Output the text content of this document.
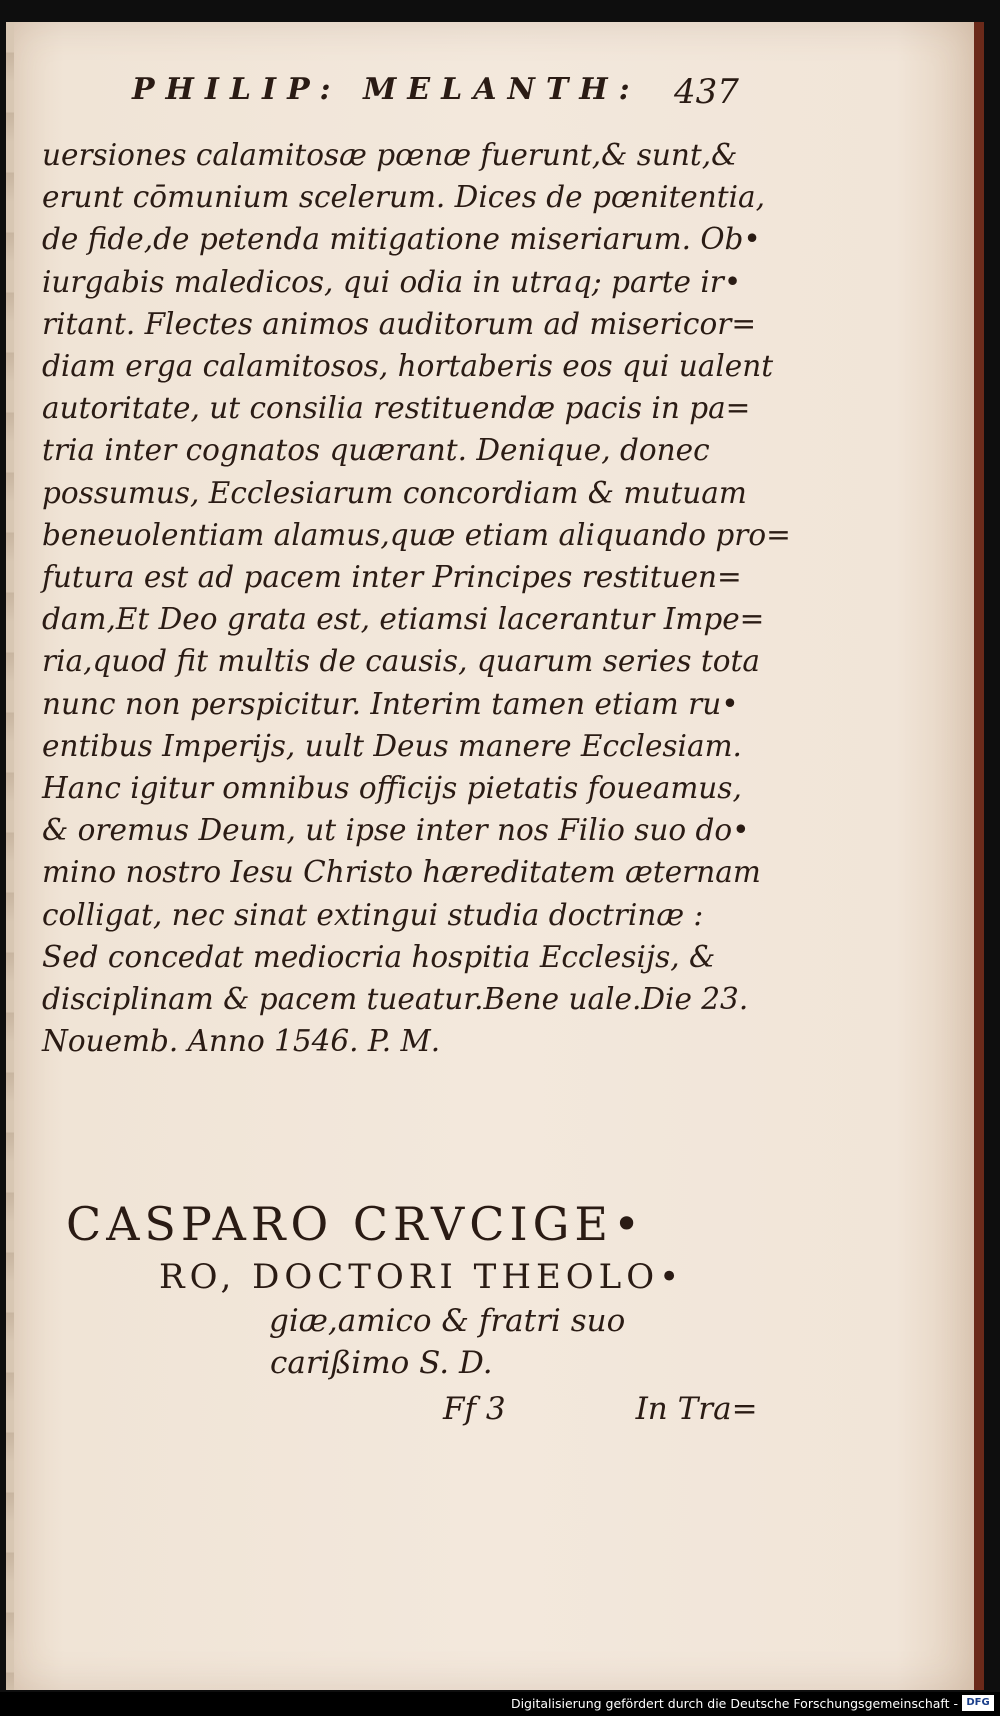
PHILIP: MELANTH: 437
uersiones calamitosæ pœnæ fuerunt,& sunt,&
erunt cōmunium scelerum. Dices de pœnitentia,
de fide,de petenda mitigatione miseriarum. Ob•
iurgabis maledicos, qui odia in utraq; parte ir•
ritant. Flectes animos auditorum ad misericor=
diam erga calamitosos, hortaberis eos qui ualent
autoritate, ut consilia restituendæ pacis in pa=
tria inter cognatos quærant. Denique, donec
possumus, Ecclesiarum concordiam & mutuam
beneuolentiam alamus,quæ etiam aliquando pro=
futura est ad pacem inter Principes restituen=
dam,Et Deo grata est, etiamsi lacerantur Impe=
ria,quod fit multis de causis, quarum series tota
nunc non perspicitur. Interim tamen etiam ru•
entibus Imperijs, uult Deus manere Ecclesiam.
Hanc igitur omnibus officijs pietatis foueamus,
& oremus Deum, ut ipse inter nos Filio suo do•
mino nostro Iesu Christo hæreditatem æternam
colligat, nec sinat extingui studia doctrinæ :
Sed concedat mediocria hospitia Ecclesijs, &
disciplinam & pacem tueatur.Bene uale.Die 23.
Nouemb. Anno 1546. P. M.
CASPARO CRVCIGE•
RO, DOCTORI THEOLO•
giæ,amico & fratri suo
carißimo S. D.
Ff 3	In Tra=
Digitalisierung gefördert durch die Deutsche Forschungsgemeinschaft - DFG
